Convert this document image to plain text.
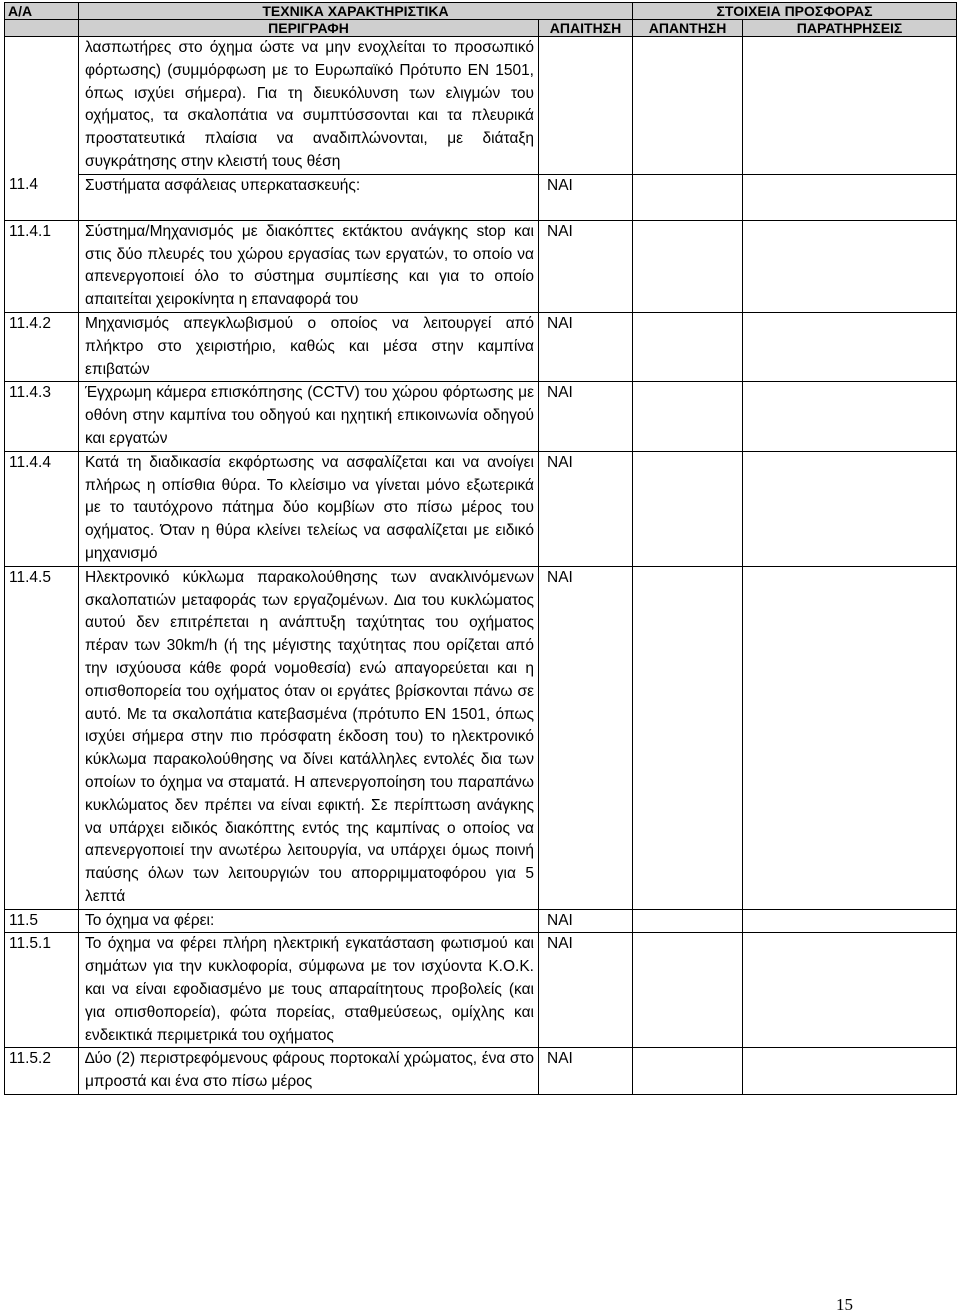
Α/Α	ΤΕΧΝΙΚΑ ΧΑΡΑΚΤΗΡΙΣΤΙΚΑ		ΣΤΟΙΧΕΙΑ ΠΡΟΣΦΟΡΑΣ	
	ΠΕΡΙΓΡΑΦΗ	ΑΠΑΙΤΗΣΗ	ΑΠΑΝΤΗΣΗ	ΠΑΡΑΤΗΡΗΣΕΙΣ
	λασπωτήρες στο όχημα ώστε να μην ενοχλείται το προσωπικό φόρτωσης) (συμμόρφωση με το Ευρωπαϊκό Πρότυπο ΕΝ 1501, όπως ισχύει σήμερα). Για τη διευκόλυνση των ελιγμών του οχήματος, τα σκαλοπάτια να συμπτύσσονται και τα πλευρικά προστατευτικά πλαίσια να αναδιπλώνονται, με διάταξη συγκράτησης στην κλειστή τους θέση			
11.4	Συστήματα ασφάλειας υπερκατασκευής:	ΝΑΙ		
11.4.1	Σύστημα/Μηχανισμός με διακόπτες εκτάκτου ανάγκης stop και στις δύο πλευρές του χώρου εργασίας των εργατών, το οποίο να απενεργοποιεί όλο το σύστημα συμπίεσης και για το οποίο απαιτείται χειροκίνητα η επαναφορά του	ΝΑΙ		
11.4.2	Μηχανισμός απεγκλωβισμού ο οποίος να λειτουργεί από πλήκτρο στο χειριστήριο, καθώς και μέσα στην καμπίνα επιβατών	ΝΑΙ		
11.4.3	Έγχρωμη κάμερα επισκόπησης (CCTV) του χώρου φόρτωσης με οθόνη στην καμπίνα του οδηγού και ηχητική επικοινωνία οδηγού και εργατών	ΝΑΙ		
11.4.4	Κατά τη διαδικασία εκφόρτωσης να ασφαλίζεται και να ανοίγει πλήρως η οπίσθια θύρα. Το κλείσιμο να γίνεται μόνο εξωτερικά με το ταυτόχρονο πάτημα δύο κομβίων στο πίσω μέρος του οχήματος. Όταν η θύρα κλείνει τελείως να ασφαλίζεται με ειδικό μηχανισμό	ΝΑΙ		
11.4.5	Ηλεκτρονικό κύκλωμα παρακολούθησης των ανακλινόμενων σκαλοπατιών μεταφοράς των εργαζομένων. ∆ια του κυκλώματος αυτού δεν επιτρέπεται η ανάπτυξη ταχύτητας του οχήματος πέραν των 30km/h (ή της μέγιστης ταχύτητας που ορίζεται από την ισχύουσα κάθε φορά νομοθεσία) ενώ απαγορεύεται και η οπισθοπορεία του οχήματος όταν οι εργάτες βρίσκονται πάνω σε αυτό. Με τα σκαλοπάτια κατεβασμένα (πρότυπο ΕΝ 1501, όπως ισχύει σήμερα στην πιο πρόσφατη έκδοση του) το ηλεκτρονικό κύκλωμα παρακολούθησης να δίνει κατάλληλες εντολές δια των οποίων το όχημα να σταματά. Η απενεργοποίηση του παραπάνω κυκλώματος δεν πρέπει να είναι εφικτή. Σε περίπτωση ανάγκης να υπάρχει ειδικός διακόπτης εντός της καμπίνας ο οποίος να απενεργοποιεί την ανωτέρω λειτουργία, να υπάρχει όμως ποινή παύσης όλων των λειτουργιών του απορριμματοφόρου για 5 λεπτά	ΝΑΙ		
11.5	Το όχημα να φέρει:	ΝΑΙ		
11.5.1	Το όχημα να φέρει πλήρη ηλεκτρική εγκατάσταση φωτισμού και σημάτων για την κυκλοφορία, σύμφωνα με τον ισχύοντα Κ.Ο.Κ. και να είναι εφοδιασμένο με τους απαραίτητους προβολείς (και για οπισθοπορεία), φώτα πορείας, σταθμεύσεως, ομίχλης και ενδεικτικά περιμετρικά του οχήματος	ΝΑΙ		
11.5.2	∆ύο (2) περιστρεφόμενους φάρους πορτοκαλί χρώματος, ένα στο μπροστά και ένα στο πίσω μέρος	ΝΑΙ		
15
